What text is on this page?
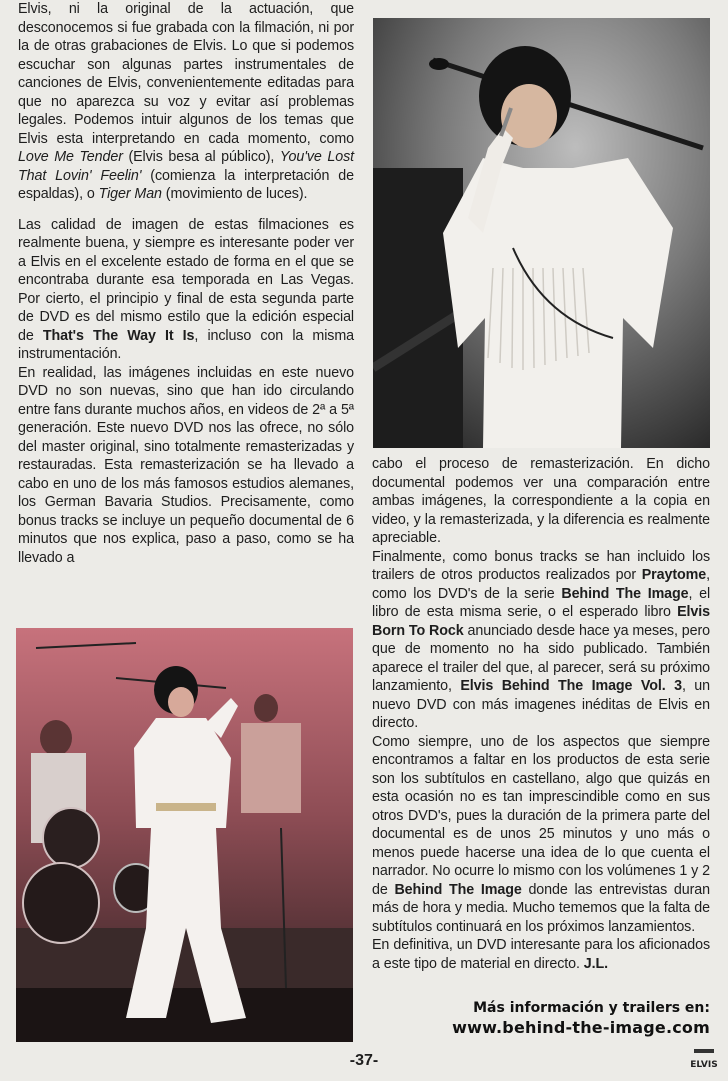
Elvis, ni la original de la actuación, que desconocemos si fue grabada con la filmación, ni por la de otras grabaciones de Elvis. Lo que si podemos escuchar son algunas partes instrumentales de canciones de Elvis, convenientemente editadas para que no aparezca su voz y evitar así problemas legales. Podemos intuir algunos de los temas que Elvis esta interpretando en cada momento, como Love Me Tender (Elvis besa al público), You've Lost That Lovin' Feelin' (comienza la interpretación de espaldas), o Tiger Man (movimiento de luces).

Las calidad de imagen de estas filmaciones es realmente buena, y siempre es interesante poder ver a Elvis en el excelente estado de forma en el que se encontraba durante esa temporada en Las Vegas. Por cierto, el principio y final de esta segunda parte de DVD es del mismo estilo que la edición especial de That's The Way It Is, incluso con la misma instrumentación.

En realidad, las imágenes incluidas en este nuevo DVD no son nuevas, sino que han ido circulando entre fans durante muchos años, en videos de 2ª a 5ª generación. Este nuevo DVD nos las ofrece, no sólo del master original, sino totalmente remasterizadas y restauradas. Esta remasterización se ha llevado a cabo en uno de los más famosos estudios alemanes, los German Bavaria Studios. Precisamente, como bonus tracks se incluye un pequeño documental de 6 minutos que nos explica, paso a paso, como se ha llevado a

cabo el proceso de remasterización. En dicho documental podemos ver una comparación entre ambas imágenes, la correspondiente a la copia en video, y la remasterizada, y la diferencia es realmente apreciable.

Finalmente, como bonus tracks se han incluido los trailers de otros productos realizados por Praytome, como los DVD's de la serie Behind The Image, el libro de esta misma serie, o el esperado libro Elvis Born To Rock anunciado desde hace ya meses, pero que de momento no ha sido publicado. También aparece el trailer del que, al parecer, será su próximo lanzamiento, Elvis Behind The Image Vol. 3, un nuevo DVD con más imagenes inéditas de Elvis en directo.

Como siempre, uno de los aspectos que siempre encontramos a faltar en los productos de esta serie son los subtítulos en castellano, algo que quizás en esta ocasión no es tan imprescindible como en sus otros DVD's, pues la duración de la primera parte del documental es de unos 25 minutos y uno más o menos puede hacerse una idea de lo que cuenta el narrador. No ocurre lo mismo con los volúmenes 1 y 2 de Behind The Image donde las entrevistas duran más de hora y media. Mucho tememos que la falta de subtítulos continuará en los próximos lanzamientos.

En definitiva, un DVD interesante para los aficionados a este tipo de material en directo. J.L.

Más información y trailers en:
www.behind-the-image.com
-37-	ELVIS
